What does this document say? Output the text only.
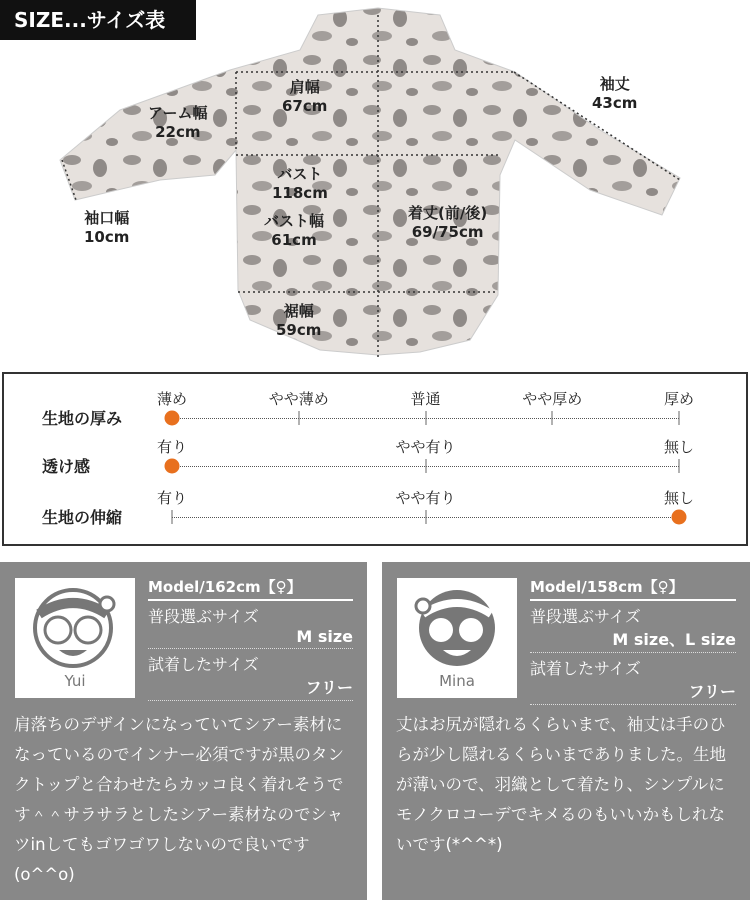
SIZE...サイズ表
肩幅
67cm
アーム幅
22cm
袖丈
43cm
袖口幅
10cm
バスト
118cm
バスト幅
61cm
着丈(前/後)
69/75cm
裾幅
59cm
生地の厚み
薄め	やや薄め	普通	やや厚め	厚め
透け感
有り	やや有り	無し
生地の伸縮
有り	やや有り	無し
Yui
Model/162cm【♀】
普段選ぶサイズ
M size
試着したサイズ
フリー
肩落ちのデザインになっていてシアー素材になっているのでインナー必須ですが黒のタンクトップと合わせたらカッコ良く着れそうです＾＾サラサラとしたシアー素材なのでシャツinしてもゴワゴワしないので良いです(o^^o)
Mina
Model/158cm【♀】
普段選ぶサイズ
M size、L size
試着したサイズ
フリー
丈はお尻が隠れるくらいまで、袖丈は手のひらが少し隠れるくらいまでありました。生地が薄いので、羽織として着たり、シンプルにモノクロコーデでキメるのもいいかもしれないです(*^^*)
